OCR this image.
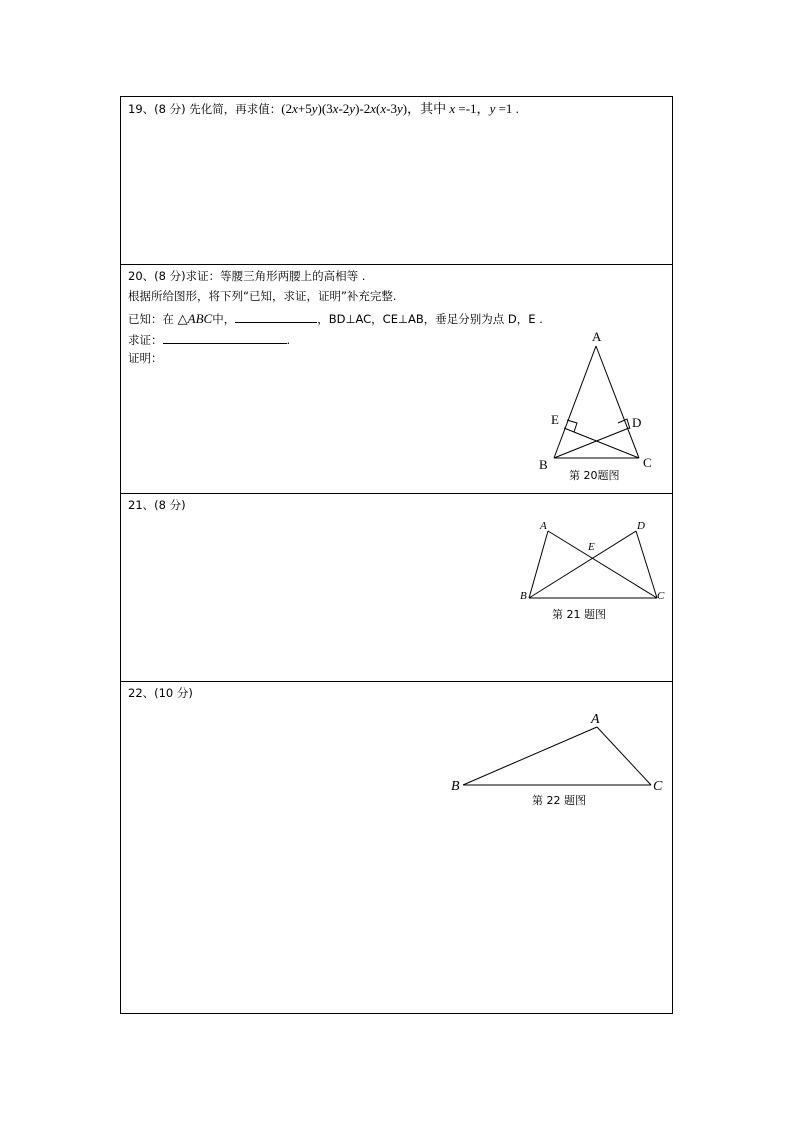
19、(8 分) 先化简，再求值：(2x+5y)(3x-2y)-2x(x-3y)，其中 x =-1，y =1 .
20、(8 分)求证：等腰三角形两腰上的高相等 .
根据所给图形，将下列“已知，求证，证明”补充完整.
已知：在 △ABC中，	，BD⊥AC，CE⊥AB，垂足分别为点 D，E .
求证：	.
证明：
A
B	C
D
E
第 20题图
21、(8 分)
A
B	C
D
E
第 21 题图
22、(10 分)
A
B	C
第 22 题图
